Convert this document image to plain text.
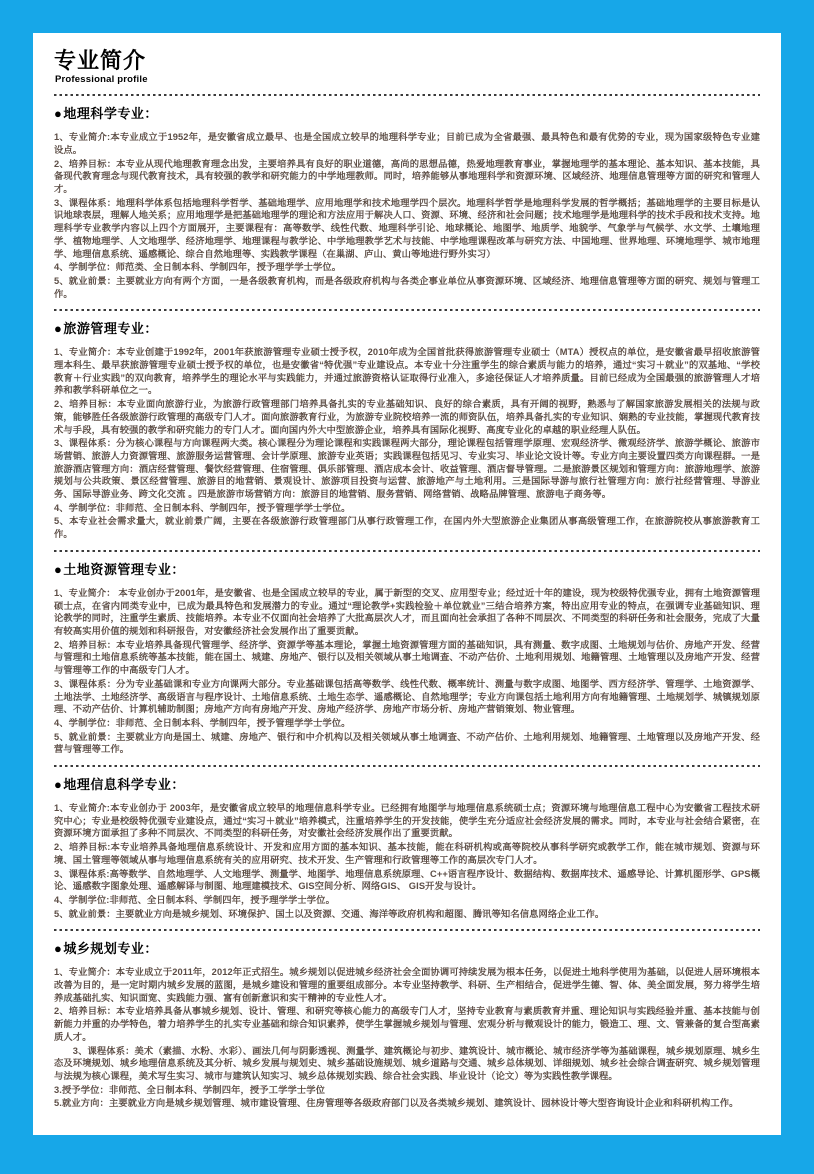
专业简介
Professional profile
●地理科学专业：

1、专业简介:本专业成立于1952年，是安徽省成立最早、也是全国成立较早的地理科学专业；目前已成为全省最强、最具特色和最有优势的专业，现为国家级特色专业建设点。

2、培养目标：本专业从现代地理教育理念出发，主要培养具有良好的职业道德，高尚的思想品德，热爱地理教育事业，掌握地理学的基本理论、基本知识、基本技能，具备现代教育理念与现代教育技术，具有较强的教学和研究能力的中学地理教师。同时，培养能够从事地理科学和资源环境、区域经济、地理信息管理等方面的研究和管理人才。

3、课程体系：地理科学体系包括地理科学哲学、基础地理学、应用地理学和技术地理学四个层次。地理科学哲学是地理科学发展的哲学概括；基础地理学的主要目标是认识地球表层，理解人地关系；应用地理学是把基础地理学的理论和方法应用于解决人口、资源、环境、经济和社会问题；技术地理学是地理科学的技术手段和技术支持。地理科学专业教学内容以上四个方面展开，主要课程有：高等数学、线性代数、地理科学引论、地球概论、地图学、地质学、地貌学、气象学与气候学、水文学、土壤地理学、植物地理学、人文地理学、经济地理学、地理课程与教学论、中学地理教学艺术与技能、中学地理课程改革与研究方法、中国地理、世界地理、环境地理学、城市地理学、地理信息系统、遥感概论、综合自然地理等、实践教学课程（在巢湖、庐山、黄山等地进行野外实习）

4、学制学位：师范类、全日制本科、学制四年，授予理学学士学位。

5、就业前景：主要就业方向有两个方面，一是各级教育机构，而是各级政府机构与各类企事业单位从事资源环境、区域经济、地理信息管理等方面的研究、规划与管理工作。

●旅游管理专业：

1、专业简介：本专业创建于1992年，2001年获旅游管理专业硕士授予权，2010年成为全国首批获得旅游管理专业硕士（MTA）授权点的单位，是安徽省最早招收旅游管理本科生、最早获旅游管理专业硕士授予权的单位，也是安徽省“特优强”专业建设点。本专业十分注重学生的综合素质与能力的培养，通过“实习＋就业”的双基地、“学校教育＋行业实践”的双向教育，培养学生的理论水平与实践能力，并通过旅游资格认证取得行业准入，多途径保证人才培养质量。目前已经成为全国最强的旅游管理人才培养和教学科研单位之一。

2、培养目标：本专业面向旅游行业，为旅游行政管理部门培养具备扎实的专业基础知识、良好的综合素质，具有开阔的视野，熟悉与了解国家旅游发展相关的法规与政策，能够胜任各级旅游行政管理的高级专门人才。面向旅游教育行业，为旅游专业院校培养一流的师资队伍，培养具备扎实的专业知识、娴熟的专业技能，掌握现代教育技术与手段，具有较强的教学和研究能力的专门人才。面向国内外大中型旅游企业，培养具有国际化视野、高度专业化的卓越的职业经理人队伍。

3、课程体系：分为核心课程与方向课程两大类。核心课程分为理论课程和实践课程两大部分，理论课程包括管理学原理、宏观经济学、微观经济学、旅游学概论、旅游市场营销、旅游人力资源管理、旅游服务运营管理、会计学原理、旅游专业英语；实践课程包括见习、专业实习、毕业论文设计等。专业方向主要设置四类方向课程群。一是旅游酒店管理方向：酒店经营管理、餐饮经营管理、住宿管理、俱乐部管理、酒店成本会计、收益管理、酒店督导管理。二是旅游景区规划和管理方向：旅游地理学、旅游规划与公共政策、景区经营管理、旅游目的地营销、景观设计、旅游项目投资与运营、旅游地产与土地利用。三是国际导游与旅行社管理方向：旅行社经营管理、导游业务、国际导游业务、跨文化交流 。四是旅游市场营销方向：旅游目的地营销、服务营销、网络营销、战略品牌管理、旅游电子商务等。

4、学制学位：非师范、全日制本科、学制四年，授予管理学学士学位。

5、本专业社会需求量大，就业前景广阔，主要在各级旅游行政管理部门从事行政管理工作，在国内外大型旅游企业集团从事高级管理工作，在旅游院校从事旅游教育工作。

●土地资源管理专业：

1、专业简介： 本专业创办于2001年，是安徽省、也是全国成立较早的专业，属于新型的交叉、应用型专业；经过近十年的建设，现为校级特优强专业，拥有土地资源管理硕士点，在省内同类专业中，已成为最具特色和发展潜力的专业。通过“理论教学+实践检验＋单位就业”三结合培养方案，特出应用专业的特点，在强调专业基础知识、理论教学的同时，注重学生素质、技能培养。本专业不仅面向社会培养了大批高层次人才，而且面向社会承担了各种不同层次、不同类型的科研任务和社会服务，完成了大量有较高实用价值的规划和科研报告，对安徽经济社会发展作出了重要贡献。

2、培养目标：本专业培养具备现代管理学、经济学、资源学等基本理论，掌握土地资源管理方面的基础知识，具有测量、数字成图、土地规划与估价、房地产开发、经营与管理和土地信息系统等基本技能，能在国土、城建、房地产、银行以及相关领域从事土地调查、不动产估价、土地利用规划、地籍管理、土地管理以及房地产开发、经营与管理等工作的中高级专门人才。

3、课程体系：分为专业基础课和专业方向课两大部分。专业基础课包括高等数学、线性代数、概率统计、测量与数字成图、地图学、西方经济学、管理学、土地资源学、土地法学、土地经济学、高级语言与程序设计、土地信息系统、土地生态学、遥感概论、自然地理学；专业方向课包括土地利用方向有地籍管理、土地规划学、城镇规划原理、不动产估价、计算机辅助制图；房地产方向有房地产开发、房地产经济学、房地产市场分析、房地产营销策划、物业管理。

4、学制学位：非师范、全日制本科、学制四年，授予管理学学士学位。

5、就业前景：主要就业方向是国土、城建、房地产、银行和中介机构以及相关领域从事土地调查、不动产估价、土地利用规划、地籍管理、土地管理以及房地产开发、经营与管理等工作。

●地理信息科学专业：

1、专业简介:本专业创办于 2003年，是安徽省成立较早的地理信息科学专业。已经拥有地图学与地理信息系统硕士点；资源环境与地理信息工程中心为安徽省工程技术研究中心；专业是校级特优强专业建设点，通过“实习＋就业”培养模式，注重培养学生的开发技能，使学生充分适应社会经济发展的需求。同时，本专业与社会结合紧密，在资源环境方面承担了多种不同层次、不同类型的科研任务，对安徽社会经济发展作出了重要贡献。

2、培养目标:本专业培养具备地理信息系统设计、开发和应用方面的基本知识、基本技能，能在科研机构或高等院校从事科学研究或教学工作，能在城市规划、资源与环境、国土管理等领域从事与地理信息系统有关的应用研究、技术开发、生产管理和行政管理等工作的高层次专门人才。

3、课程体系:高等数学、自然地理学、人文地理学、测量学、地图学、地理信息系统原理、C++语言程序设计、数据结构、数据库技术、遥感导论、计算机图形学、GPS概论、遥感数字图象处理、遥感解译与制图、地理建模技术、GIS空间分析、网络GIS、 GIS开发与设计。

4、学制学位:非师范、全日制本科、学制四年，授予理学学士学位。

5、就业前景：主要就业方向是城乡规划、环境保护、国土以及资源、交通、海洋等政府机构和超图、腾讯等知名信息网络企业工作。

●城乡规划专业：

1、专业简介：本专业成立于2011年，2012年正式招生。城乡规划以促进城乡经济社会全面协调可持续发展为根本任务，以促进土地科学使用为基础，以促进人居环境根本改善为目的，是一定时期内城乡发展的蓝图，是城乡建设和管理的重要组成部分。本专业坚持教学、科研、生产相结合，促进学生德、智、体、美全面发展，努力将学生培养成基础扎实、知识面宽、实践能力强、富有创新意识和实干精神的专业性人才。

2、培养目标：本专业培养具备从事城乡规划、设计、管理、和研究等核心能力的高级专门人才，坚持专业教育与素质教育并重、理论知识与实践经验并重、基本技能与创新能力并重的办学特色，着力培养学生的扎实专业基础和综合知识素养，使学生掌握城乡规划与管理、宏观分析与微观设计的能力，锻造工、理、文、管兼备的复合型高素质人才。

　　3、课程体系：美术（素描、水粉、水彩）、画法几何与阴影透视、测量学、建筑概论与初步、建筑设计、城市概论、城市经济学等为基础课程，城乡规划原理、城乡生态及环境规划、城乡地理信息系统及其分析、城乡发展与规划史、城乡基础设施规划、城乡道路与交通、城乡总体规划、详细规划、城乡社会综合调查研究、城乡规划管理与法规为核心课程，美术写生实习、城市与建筑认知实习、城乡总体规划实践、综合社会实践、毕业设计（论文）等为实践性教学课程。

3.授予学位：非师范、全日制本科、学制四年，授予工学学士学位

5.就业方向：主要就业方向是城乡规划管理、城市建设管理、住房管理等各级政府部门以及各类城乡规划、建筑设计、园林设计等大型咨询设计企业和科研机构工作。
